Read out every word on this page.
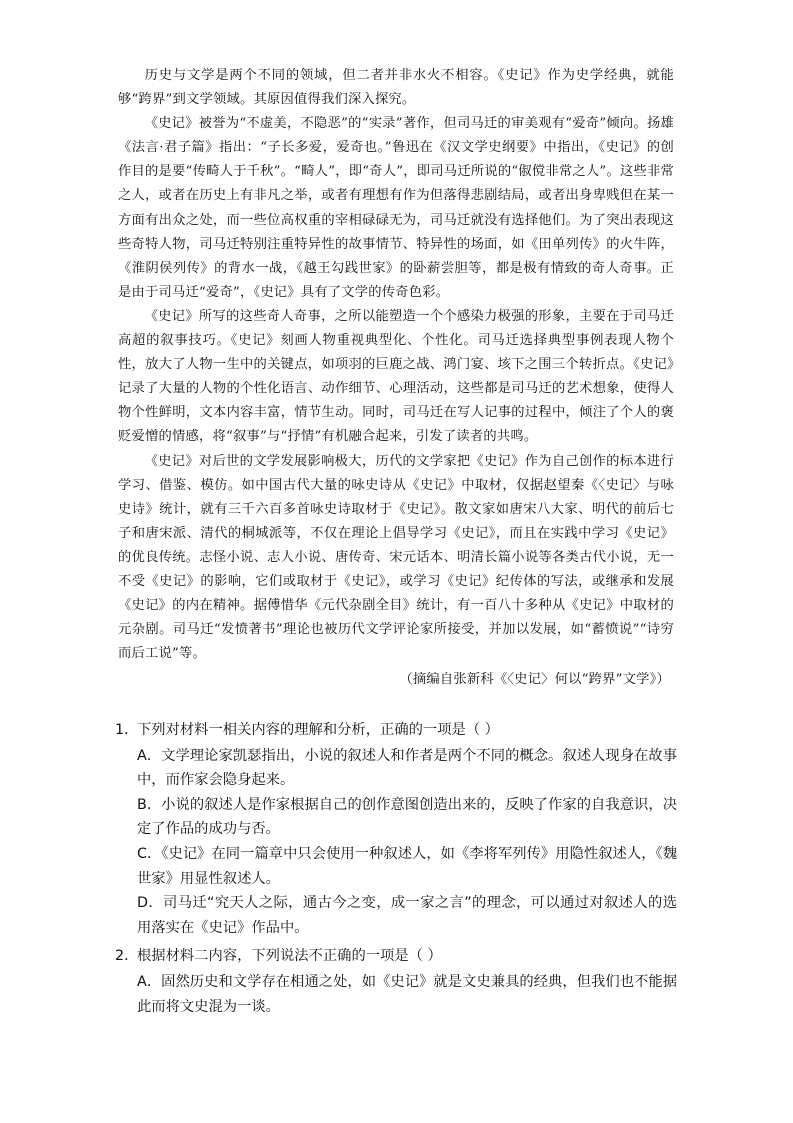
历史与文学是两个不同的领域，但二者并非水火不相容。《史记》作为史学经典，就能够“跨界”到文学领域。其原因值得我们深入探究。

《史记》被誉为“不虚美，不隐恶”的“实录”著作，但司马迁的审美观有“爱奇”倾向。扬雄《法言·君子篇》指出：“子长多爱，爱奇也。”鲁迅在《汉文学史纲要》中指出，《史记》的创作目的是要“传畸人于千秋”。“畸人”，即“奇人”，即司马迁所说的“俶傥非常之人”。这些非常之人，或者在历史上有非凡之举，或者有理想有作为但落得悲剧结局，或者出身卑贱但在某一方面有出众之处，而一些位高权重的宰相碌碌无为，司马迁就没有选择他们。为了突出表现这些奇特人物，司马迁特别注重特异性的故事情节、特异性的场面，如《田单列传》的火牛阵，《淮阴侯列传》的背水一战，《越王勾践世家》的卧薪尝胆等，都是极有情致的奇人奇事。正是由于司马迁“爱奇”，《史记》具有了文学的传奇色彩。

《史记》所写的这些奇人奇事，之所以能塑造一个个感染力极强的形象，主要在于司马迁高超的叙事技巧。《史记》刻画人物重视典型化、个性化。司马迁选择典型事例表现人物个性，放大了人物一生中的关键点，如项羽的巨鹿之战、鸿门宴、垓下之围三个转折点。《史记》记录了大量的人物的个性化语言、动作细节、心理活动，这些都是司马迁的艺术想象，使得人物个性鲜明，文本内容丰富，情节生动。同时，司马迁在写人记事的过程中，倾注了个人的褒贬爱憎的情感，将“叙事”与“抒情”有机融合起来，引发了读者的共鸣。

《史记》对后世的文学发展影响极大，历代的文学家把《史记》作为自己创作的标本进行学习、借鉴、模仿。如中国古代大量的咏史诗从《史记》中取材，仅据赵望秦《〈史记〉与咏史诗》统计，就有三千六百多首咏史诗取材于《史记》。散文家如唐宋八大家、明代的前后七子和唐宋派、清代的桐城派等，不仅在理论上倡导学习《史记》，而且在实践中学习《史记》的优良传统。志怪小说、志人小说、唐传奇、宋元话本、明清长篇小说等各类古代小说，无一不受《史记》的影响，它们或取材于《史记》，或学习《史记》纪传体的写法，或继承和发展《史记》的内在精神。据傅惜华《元代杂剧全目》统计，有一百八十多种从《史记》中取材的元杂剧。司马迁“发愤著书”理论也被历代文学评论家所接受，并加以发展，如“蓄愤说”“诗穷而后工说”等。

（摘编自张新科《〈史记〉何以“跨界”文学》）

1．
下列对材料一相关内容的理解和分析，正确的一项是（ ）
A．文学理论家凯瑟指出，小说的叙述人和作者是两个不同的概念。叙述人现身在故事中，而作家会隐身起来。
B．小说的叙述人是作家根据自己的创作意图创造出来的，反映了作家的自我意识，决定了作品的成功与否。
C．《史记》在同一篇章中只会使用一种叙述人，如《李将军列传》用隐性叙述人，《魏世家》用显性叙述人。
D．司马迁“究天人之际，通古今之变，成一家之言”的理念，可以通过对叙述人的选用落实在《史记》作品中。
2．
根据材料二内容，下列说法不正确的一项是（ ）
A．固然历史和文学存在相通之处，如《史记》就是文史兼具的经典，但我们也不能据此而将文史混为一谈。
